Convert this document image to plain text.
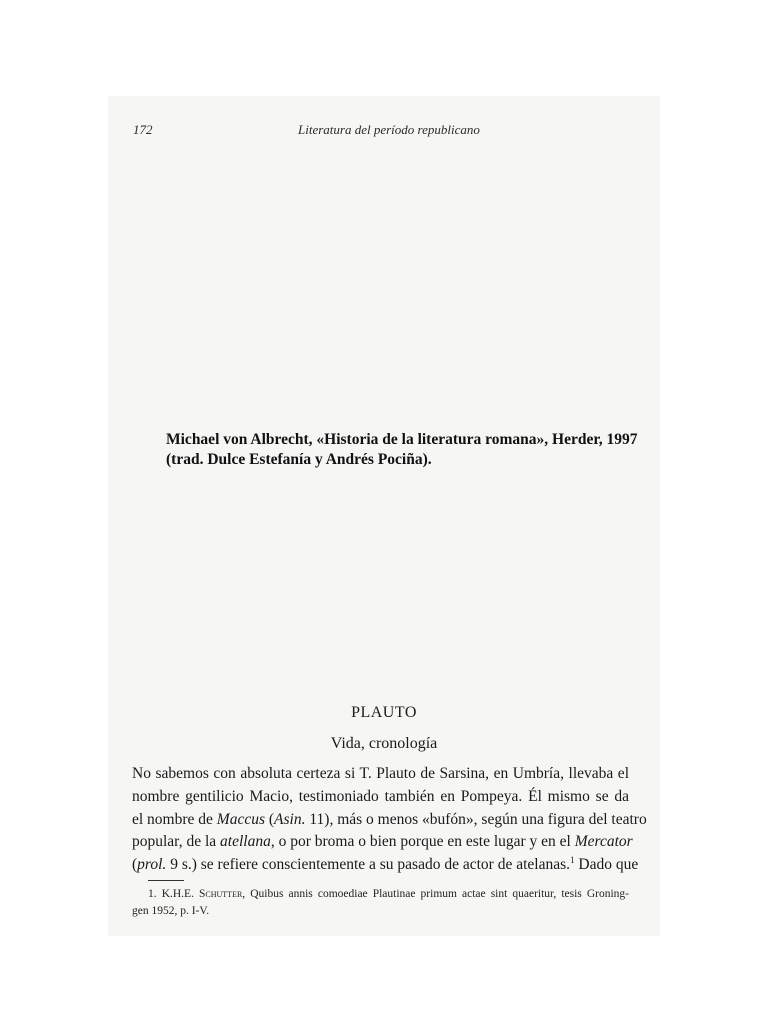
172	Literatura del período republicano
Michael von Albrecht, «Historia de la literatura romana», Herder, 1997
(trad. Dulce Estefanía y Andrés Pociña).
PLAUTO
Vida, cronología
No sabemos con absoluta certeza si T. Plauto de Sarsina, en Umbría, llevaba el
nombre gentilicio Macio, testimoniado también en Pompeya. Él mismo se da
el nombre de Maccus (Asin. 11), más o menos «bufón», según una figura del teatro
popular, de la atellana, o por broma o bien porque en este lugar y en el Mercator
(prol. 9 s.) se refiere conscientemente a su pasado de actor de atelanas.$^1$ Dado que
1. K.H.E. Schutter, Quibus annis comoediae Plautinae primum actae sint quaeritur, tesis Groning-
gen 1952, p. I-V.
